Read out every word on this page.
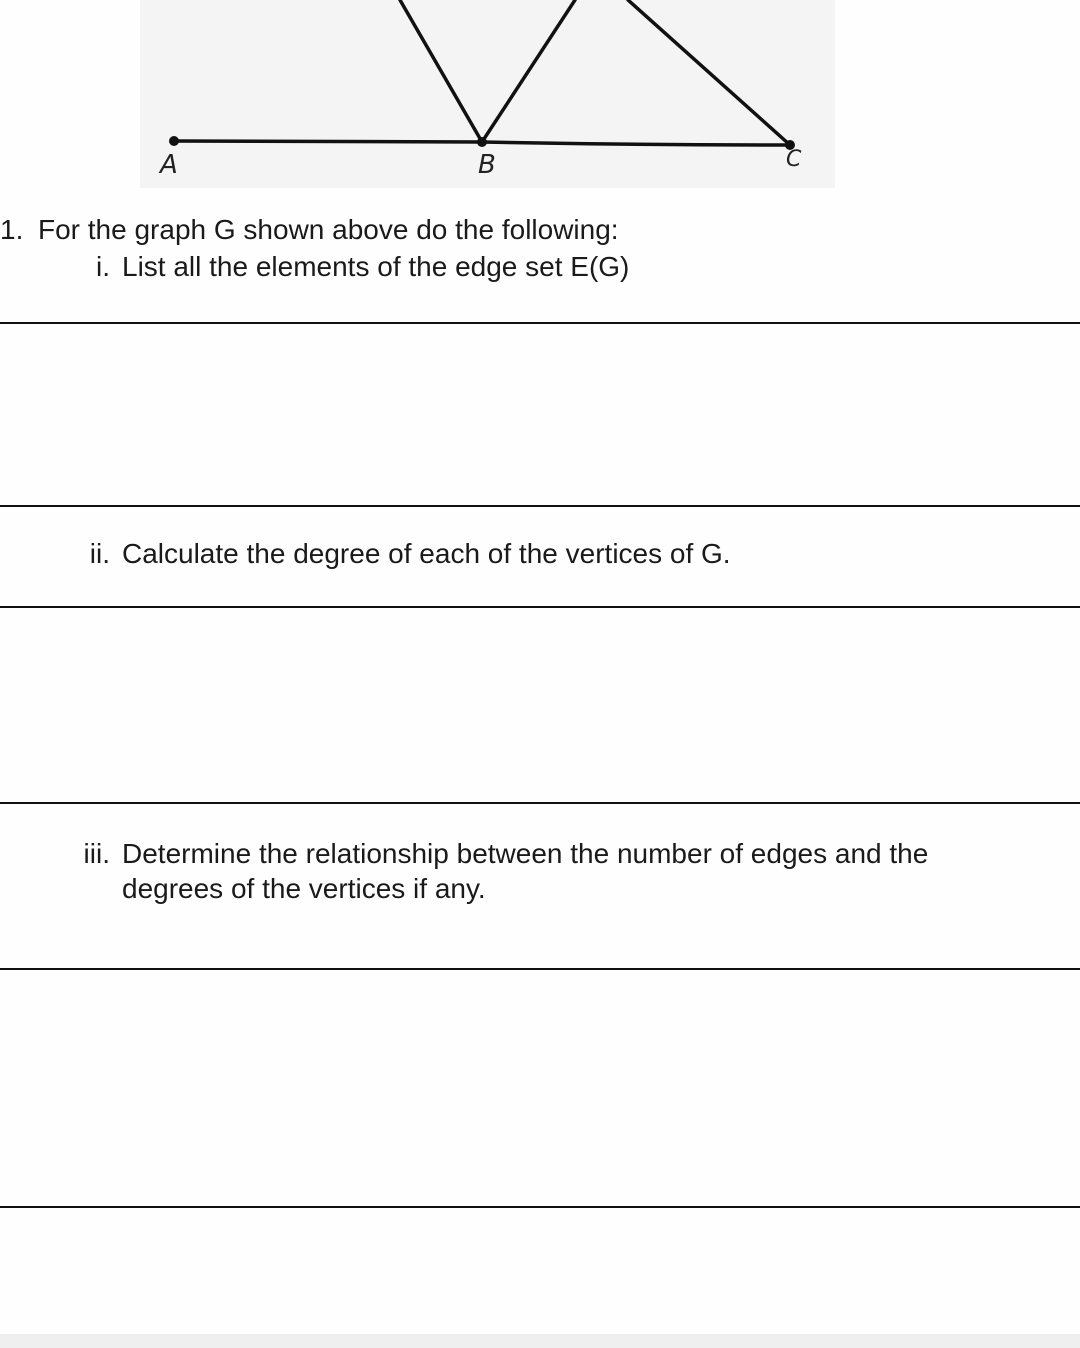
A	B	C
1. For the graph G shown above do the following:
i. List all the elements of the edge set E(G)
ii. Calculate the degree of each of the vertices of G.
iii. Determine the relationship between the number of edges and the degrees of the vertices if any.
